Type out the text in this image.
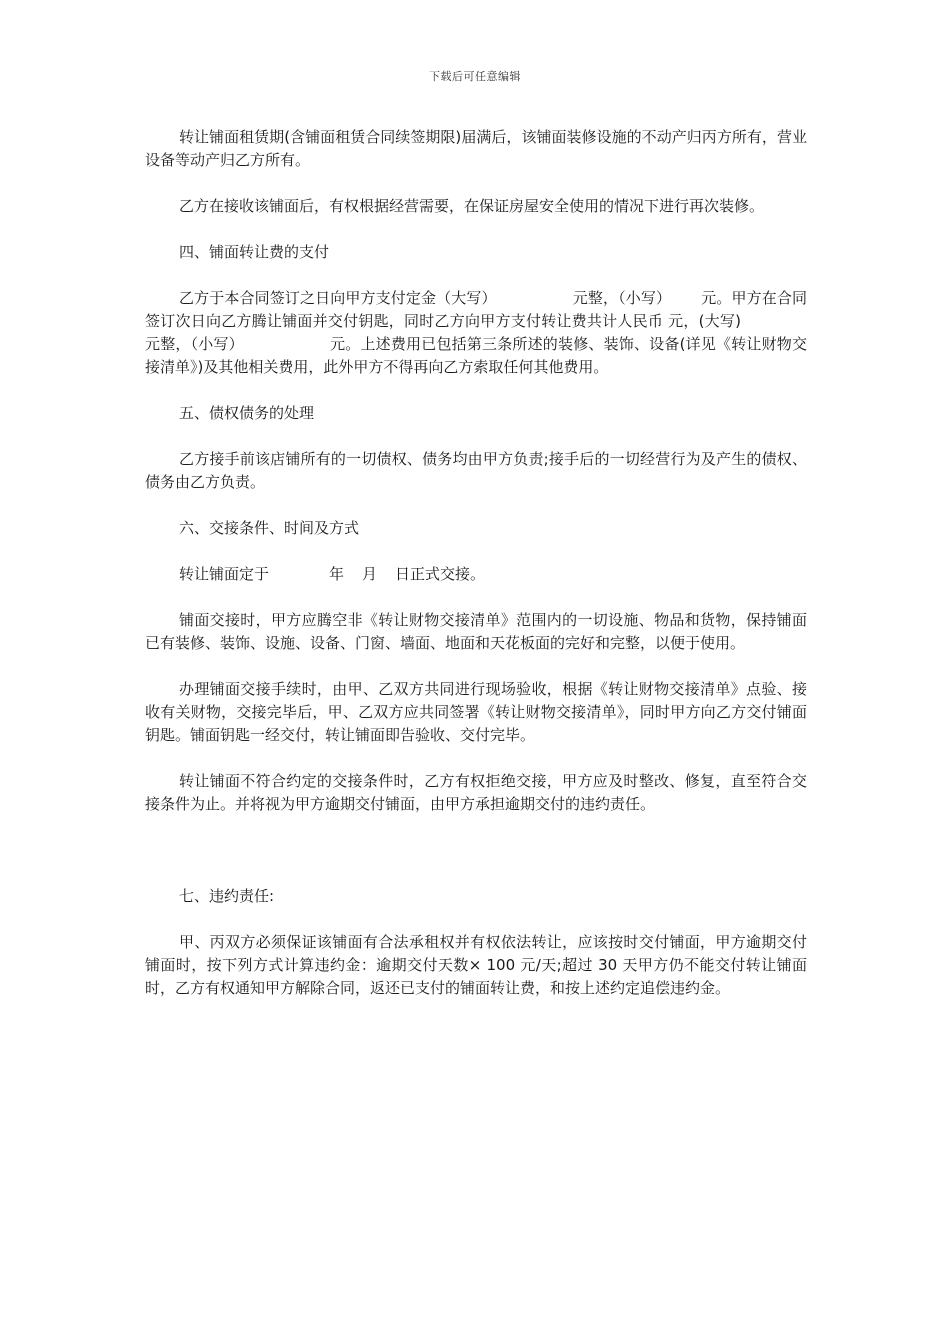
下载后可任意编辑

转让铺面租赁期(含铺面租赁合同续签期限)届满后，该铺面装修设施的不动产归丙方所有，营业设备等动产归乙方所有。

乙方在接收该铺面后，有权根据经营需要，在保证房屋安全使用的情况下进行再次装修。

四、铺面转让费的支付

乙方于本合同签订之日向甲方支付定金（大写）	元整，（小写） 元。甲方在合同签订次日向乙方腾让铺面并交付钥匙，同时乙方向甲方支付转让费共计人民币 元，(大写)元整，（小写）	元。上述费用已包括第三条所述的装修、装饰、设备(详见《转让财物交接清单》)及其他相关费用，此外甲方不得再向乙方索取任何其他费用。

五、债权债务的处理

乙方接手前该店铺所有的一切债权、债务均由甲方负责;接手后的一切经营行为及产生的债权、债务由乙方负责。

六、交接条件、时间及方式

转让铺面定于	年 月 日正式交接。

铺面交接时，甲方应腾空非《转让财物交接清单》范围内的一切设施、物品和货物，保持铺面已有装修、装饰、设施、设备、门窗、墙面、地面和天花板面的完好和完整，以便于使用。

办理铺面交接手续时，由甲、乙双方共同进行现场验收，根据《转让财物交接清单》点验、接收有关财物，交接完毕后，甲、乙双方应共同签署《转让财物交接清单》，同时甲方向乙方交付铺面钥匙。铺面钥匙一经交付，转让铺面即告验收、交付完毕。

转让铺面不符合约定的交接条件时，乙方有权拒绝交接，甲方应及时整改、修复，直至符合交接条件为止。并将视为甲方逾期交付铺面，由甲方承担逾期交付的违约责任。

七、违约责任:

甲、丙双方必须保证该铺面有合法承租权并有权依法转让，应该按时交付铺面，甲方逾期交付铺面时，按下列方式计算违约金：逾期交付天数× 100 元/天;超过 30 天甲方仍不能交付转让铺面时，乙方有权通知甲方解除合同，返还已支付的铺面转让费，和按上述约定追偿违约金。
